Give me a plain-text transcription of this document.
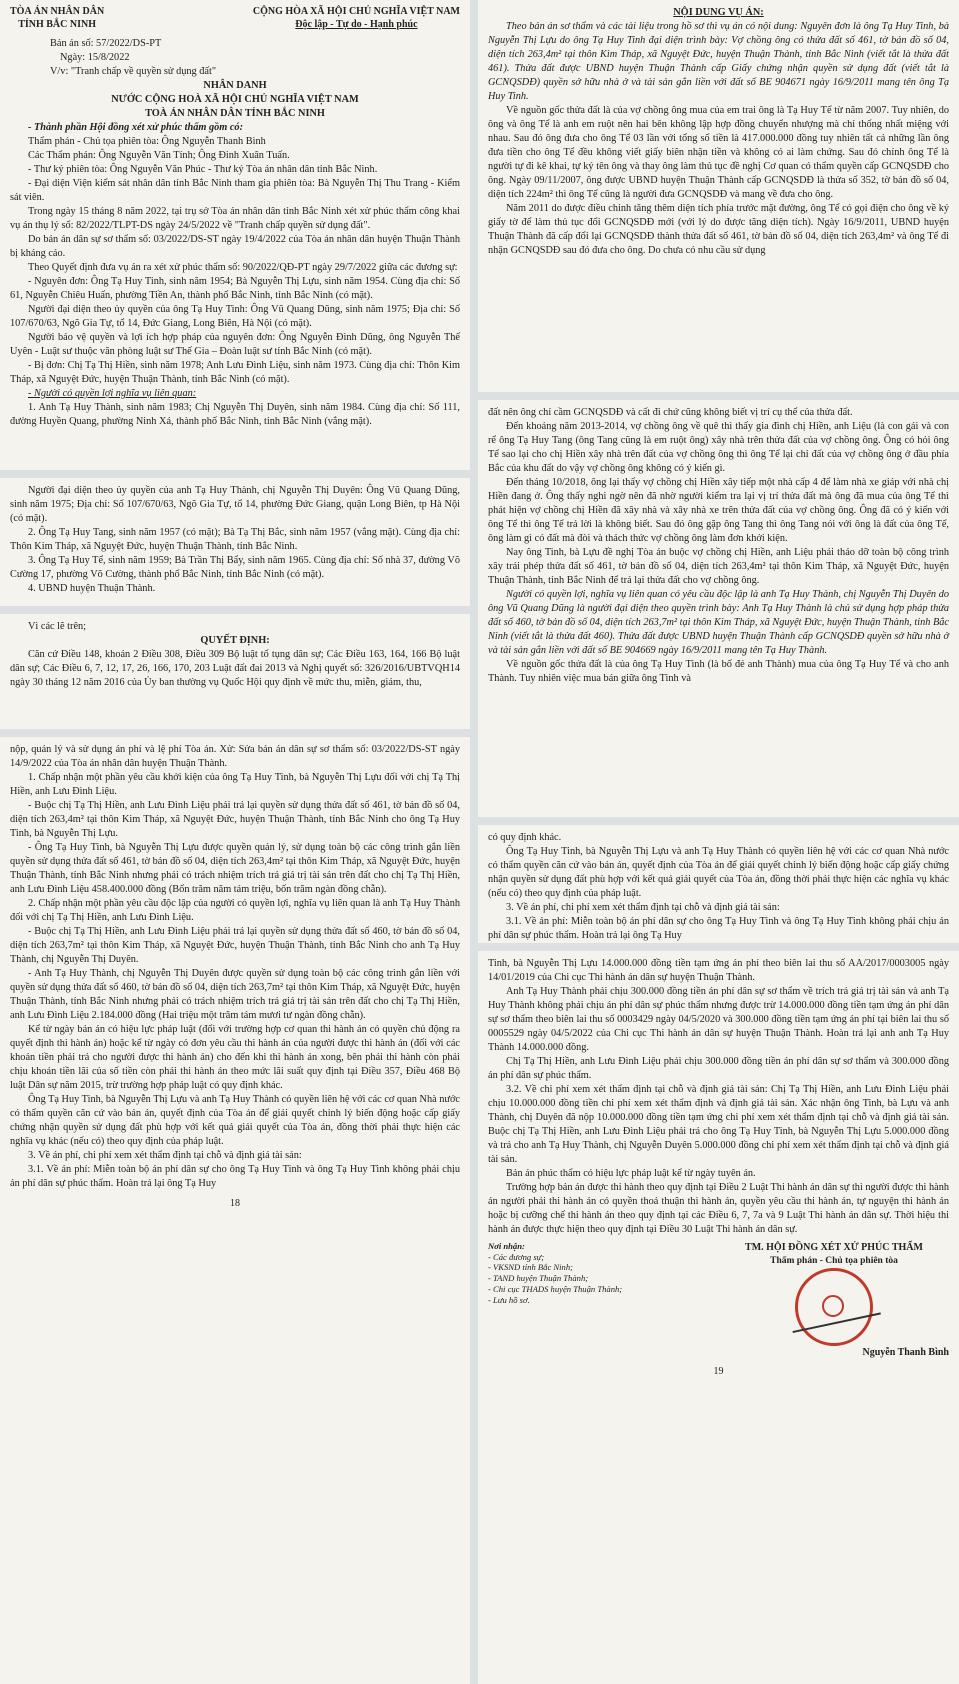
TÒA ÁN NHÂN DÂN
TỈNH BẮC NINH
CỘNG HÒA XÃ HỘI CHỦ NGHĨA VIỆT NAM
Độc lập - Tự do - Hạnh phúc

Bản án số: 57/2022/DS-PT

Ngày: 15/8/2022

V/v: "Tranh chấp về quyền sử dụng đất"

NHÂN DANH

NƯỚC CỘNG HOÀ XÃ HỘI CHỦ NGHĨA VIỆT NAM

TOÀ ÁN NHÂN DÂN TỈNH BẮC NINH

- Thành phần Hội đồng xét xử phúc thẩm gồm có:

Thẩm phán - Chủ tọa phiên tòa: Ông Nguyễn Thanh Bình

Các Thẩm phán: Ông Nguyễn Văn Tính; Ông Đinh Xuân Tuấn.

- Thư ký phiên tòa: Ông Nguyễn Văn Phúc - Thư ký Tòa án nhân dân tỉnh Bắc Ninh.

- Đại diện Viện kiểm sát nhân dân tỉnh Bắc Ninh tham gia phiên tòa: Bà Nguyễn Thị Thu Trang - Kiểm sát viên.

Trong ngày 15 tháng 8 năm 2022, tại trụ sở Tòa án nhân dân tỉnh Bắc Ninh xét xử phúc thẩm công khai vụ án thụ lý số: 82/2022/TLPT-DS ngày 24/5/2022 về "Tranh chấp quyền sử dụng đất".

Do bản án dân sự sơ thẩm số: 03/2022/DS-ST ngày 19/4/2022 của Tòa án nhân dân huyện Thuận Thành bị kháng cáo.

Theo Quyết định đưa vụ án ra xét xử phúc thẩm số: 90/2022/QĐ-PT ngày 29/7/2022 giữa các đương sự:

- Nguyên đơn: Ông Tạ Huy Tinh, sinh năm 1954; Bà Nguyễn Thị Lựu, sinh năm 1954. Cùng địa chỉ: Số 61, Nguyễn Chiêu Huấn, phường Tiền An, thành phố Bắc Ninh, tỉnh Bắc Ninh (có mặt).

Người đại diện theo ủy quyền của ông Tạ Huy Tinh: Ông Vũ Quang Dũng, sinh năm 1975; Địa chỉ: Số 107/670/63, Ngõ Gia Tự, tổ 14, Đức Giang, Long Biên, Hà Nội (có mặt).

Người bảo vệ quyền và lợi ích hợp pháp của nguyên đơn: Ông Nguyễn Đình Dũng, ông Nguyễn Thế Uyên - Luật sư thuộc văn phòng luật sư Thế Gia – Đoàn luật sư tỉnh Bắc Ninh (có mặt).

- Bị đơn: Chị Tạ Thị Hiền, sinh năm 1978; Anh Lưu Đình Liệu, sinh năm 1973. Cùng địa chỉ: Thôn Kim Tháp, xã Nguyệt Đức, huyện Thuận Thành, tỉnh Bắc Ninh (có mặt).

- Người có quyền lợi nghĩa vụ liên quan:

1. Anh Tạ Huy Thành, sinh năm 1983; Chị Nguyễn Thị Duyên, sinh năm 1984. Cùng địa chỉ: Số 111, đường Huyền Quang, phường Ninh Xá, thành phố Bắc Ninh, tỉnh Bắc Ninh (vắng mặt).

Người đại diện theo ủy quyền của anh Tạ Huy Thành, chị Nguyễn Thị Duyên: Ông Vũ Quang Dũng, sinh năm 1975; Địa chỉ: Số 107/670/63, Ngõ Gia Tự, tổ 14, phường Đức Giang, quận Long Biên, tp Hà Nội (có mặt).

2. Ông Tạ Huy Tang, sinh năm 1957 (có mặt); Bà Tạ Thị Bắc, sinh năm 1957 (vắng mặt). Cùng địa chỉ: Thôn Kim Tháp, xã Nguyệt Đức, huyện Thuận Thành, tỉnh Bắc Ninh.

3. Ông Tạ Huy Tể, sinh năm 1959; Bà Trần Thị Bẩy, sinh năm 1965. Cùng địa chỉ: Số nhà 37, đường Võ Cường 17, phường Võ Cường, thành phố Bắc Ninh, tỉnh Bắc Ninh (có mặt).

4. UBND huyện Thuận Thành.

Vì các lẽ trên;

QUYẾT ĐỊNH:

Căn cứ Điều 148, khoản 2 Điều 308, Điều 309 Bộ luật tố tụng dân sự; Các Điều 163, 164, 166 Bộ luật dân sự; Các Điều 6, 7, 12, 17, 26, 166, 170, 203 Luật đất đai 2013 và Nghị quyết số: 326/2016/UBTVQH14 ngày 30 tháng 12 năm 2016 của Ủy ban thường vụ Quốc Hội quy định về mức thu, miễn, giảm, thu,

nộp, quản lý và sử dụng án phí và lệ phí Tòa án. Xử: Sửa bản án dân sự sơ thẩm số: 03/2022/DS-ST ngày 14/9/2022 của Tòa án nhân dân huyện Thuận Thành.

1. Chấp nhận một phần yêu cầu khởi kiện của ông Tạ Huy Tinh, bà Nguyễn Thị Lựu đối với chị Tạ Thị Hiền, anh Lưu Đình Liệu.

- Buộc chị Tạ Thị Hiền, anh Lưu Đình Liệu phải trả lại quyền sử dụng thửa đất số 461, tờ bản đồ số 04, diện tích 263,4m² tại thôn Kim Tháp, xã Nguyệt Đức, huyện Thuận Thành, tỉnh Bắc Ninh cho ông Tạ Huy Tinh, bà Nguyễn Thị Lựu.

- Ông Tạ Huy Tinh, bà Nguyễn Thị Lựu được quyền quản lý, sử dụng toàn bộ các công trình gắn liền quyền sử dụng thửa đất số 461, tờ bản đồ số 04, diện tích 263,4m² tại thôn Kim Tháp, xã Nguyệt Đức, huyện Thuận Thành, tỉnh Bắc Ninh nhưng phải có trách nhiệm trích trả giá trị tài sản trên đất cho chị Tạ Thị Hiền, anh Lưu Đình Liệu 458.400.000 đồng (Bốn trăm năm tám triệu, bốn trăm ngàn đồng chẵn).

2. Chấp nhận một phần yêu cầu độc lập của người có quyền lợi, nghĩa vụ liên quan là anh Tạ Huy Thành đối với chị Tạ Thị Hiền, anh Lưu Đình Liệu.

- Buộc chị Tạ Thị Hiền, anh Lưu Đình Liệu phải trả lại quyền sử dụng thửa đất số 460, tờ bản đồ số 04, diện tích 263,7m² tại thôn Kim Tháp, xã Nguyệt Đức, huyện Thuận Thành, tỉnh Bắc Ninh cho anh Tạ Huy Thành, chị Nguyễn Thị Duyên.

- Anh Tạ Huy Thành, chị Nguyễn Thị Duyên được quyền sử dụng toàn bộ các công trình gắn liền với quyền sử dụng thửa đất số 460, tờ bản đồ số 04, diện tích 263,7m² tại thôn Kim Tháp, xã Nguyệt Đức, huyện Thuận Thành, tỉnh Bắc Ninh nhưng phải có trách nhiệm trích trả giá trị tài sản trên đất cho chị Tạ Thị Hiền, anh Lưu Đình Liệu 2.184.000 đồng (Hai triệu một trăm tám mươi tư ngàn đồng chẵn).

Kể từ ngày bản án có hiệu lực pháp luật (đối với trường hợp cơ quan thi hành án có quyền chủ động ra quyết định thi hành án) hoặc kể từ ngày có đơn yêu cầu thi hành án của người được thi hành án (đối với các khoản tiền phải trả cho người được thi hành án) cho đến khi thi hành án xong, bên phải thi hành còn phải chịu khoản tiền lãi của số tiền còn phải thi hành án theo mức lãi suất quy định tại Điều 357, Điều 468 Bộ luật Dân sự năm 2015, trừ trường hợp pháp luật có quy định khác.

Ông Tạ Huy Tinh, bà Nguyễn Thị Lựu và anh Tạ Huy Thành có quyền liên hệ với các cơ quan Nhà nước có thẩm quyền căn cứ vào bản án, quyết định của Tòa án để giải quyết chỉnh lý biến động hoặc cấp giấy chứng nhận quyền sử dụng đất phù hợp với kết quả giải quyết của Tòa án, đồng thời phải thực hiện các nghĩa vụ khác (nếu có) theo quy định của pháp luật.

3. Về án phí, chi phí xem xét thẩm định tại chỗ và định giá tài sản:

3.1. Về án phí: Miễn toàn bộ án phí dân sự cho ông Tạ Huy Tinh và ông Tạ Huy Tinh không phải chịu án phí dân sự phúc thẩm. Hoàn trả lại ông Tạ Huy

18

NỘI DUNG VỤ ÁN:

Theo bản án sơ thẩm và các tài liệu trong hồ sơ thì vụ án có nội dung: Nguyên đơn là ông Tạ Huy Tinh, bà Nguyễn Thị Lựu do ông Tạ Huy Tinh đại diện trình bày: Vợ chồng ông có thửa đất số 461, tờ bản đồ số 04, diện tích 263,4m² tại thôn Kim Tháp, xã Nguyệt Đức, huyện Thuận Thành, tỉnh Bắc Ninh (viết tắt là thửa đất 461). Thửa đất được UBND huyện Thuận Thành cấp Giấy chứng nhận quyền sử dụng đất (viết tắt là GCNQSDĐ) quyền sở hữu nhà ở và tài sản gắn liền với đất số BE 904671 ngày 16/9/2011 mang tên ông Tạ Huy Tinh.

Về nguồn gốc thửa đất là của vợ chồng ông mua của em trai ông là Tạ Huy Tể từ năm 2007. Tuy nhiên, do ông và ông Tể là anh em ruột nên hai bên không lập hợp đồng chuyển nhượng mà chỉ thống nhất miệng với nhau. Sau đó ông đưa cho ông Tể 03 lần với tổng số tiền là 417.000.000 đồng tuy nhiên tất cả những lần ông đưa tiền cho ông Tể đều không viết giấy biên nhận tiền và không có ai làm chứng. Sau đó chính ông Tể là người tự đi kê khai, tự ký tên ông và thay ông làm thủ tục đề nghị Cơ quan có thẩm quyền cấp GCNQSDĐ cho ông. Ngày 09/11/2007, ông được UBND huyện Thuận Thành cấp GCNQSDĐ là thửa số 352, tờ bản đồ số 04, diện tích 224m² thì ông Tể cũng là người đưa GCNQSDĐ và mang về đưa cho ông.

Năm 2011 do được điều chỉnh tăng thêm diện tích phía trước mặt đường, ông Tể có gọi điện cho ông về ký giấy tờ để làm thủ tục đổi GCNQSDĐ mới (với lý do được tăng diện tích). Ngày 16/9/2011, UBND huyện Thuận Thành đã cấp đổi lại GCNQSDĐ thành thửa đất số 461, tờ bản đồ số 04, diện tích 263,4m² và ông Tể đi nhận GCNQSDĐ sau đó đưa cho ông. Do chưa có nhu cầu sử dụng

đất nên ông chỉ cầm GCNQSDĐ và cất đi chứ cũng không biết vị trí cụ thể của thửa đất.

Đến khoảng năm 2013-2014, vợ chồng ông về quê thì thấy gia đình chị Hiền, anh Liệu (là con gái và con rể ông Tạ Huy Tang (ông Tang cũng là em ruột ông) xây nhà trên thửa đất của vợ chồng ông. Ông có hỏi ông Tể sao lại cho chị Hiền xây nhà trên đất của vợ chồng ông thì ông Tể lại chỉ đất của vợ chồng ông ở đầu phía Bắc của khu đất do vậy vợ chồng ông không có ý kiến gì.

Đến tháng 10/2018, ông lại thấy vợ chồng chị Hiền xây tiếp một nhà cấp 4 để làm nhà xe giáp với nhà chị Hiền đang ở. Ông thấy nghi ngờ nên đã nhờ người kiểm tra lại vị trí thửa đất mà ông đã mua của ông Tể thì phát hiện vợ chồng chị Hiền đã xây nhà và xây nhà xe trên thửa đất của vợ chồng ông. Ông đã có ý kiến với ông Tể thì ông Tể trả lời là không biết. Sau đó ông gặp ông Tang thì ông Tang nói với ông là đất của ông Tể, ông làm gì có đất mà đòi và thách thức vợ chồng ông làm đơn khởi kiện.

Nay ông Tinh, bà Lựu đề nghị Tòa án buộc vợ chồng chị Hiền, anh Liệu phải tháo dỡ toàn bộ công trình xây trái phép thửa đất số 461, tờ bản đồ số 04, diện tích 263,4m² tại thôn Kim Tháp, xã Nguyệt Đức, huyện Thuận Thành, tỉnh Bắc Ninh để trả lại thửa đất cho vợ chồng ông.

Người có quyền lợi, nghĩa vụ liên quan có yêu cầu độc lập là anh Tạ Huy Thành, chị Nguyễn Thị Duyên do ông Vũ Quang Dũng là người đại diện theo quyền trình bày: Anh Tạ Huy Thành là chủ sử dụng hợp pháp thửa đất số 460, tờ bản đồ số 04, diện tích 263,7m² tại thôn Kim Tháp, xã Nguyệt Đức, huyện Thuận Thành, tỉnh Bắc Ninh (viết tắt là thửa đất 460). Thửa đất được UBND huyện Thuận Thành cấp GCNQSDĐ quyền sở hữu nhà ở và tài sản gắn liền với đất số BE 904669 ngày 16/9/2011 mang tên Tạ Huy Thành.

Về nguồn gốc thửa đất là của ông Tạ Huy Tinh (là bố đẻ anh Thành) mua của ông Tạ Huy Tể và cho anh Thành. Tuy nhiên việc mua bán giữa ông Tinh và

có quy định khác.

Ông Tạ Huy Tinh, bà Nguyễn Thị Lựu và anh Tạ Huy Thành có quyền liên hệ với các cơ quan Nhà nước có thẩm quyền căn cứ vào bản án, quyết định của Tòa án để giải quyết chỉnh lý biến động hoặc cấp giấy chứng nhận quyền sử dụng đất phù hợp với kết quả giải quyết của Tòa án, đồng thời phải thực hiện các nghĩa vụ khác (nếu có) theo quy định của pháp luật.

3. Về án phí, chi phí xem xét thẩm định tại chỗ và định giá tài sản:

3.1. Về án phí: Miễn toàn bộ án phí dân sự cho ông Tạ Huy Tinh và ông Tạ Huy Tinh không phải chịu án phí dân sự phúc thẩm. Hoàn trả lại ông Tạ Huy

Tinh, bà Nguyễn Thị Lựu 14.000.000 đồng tiền tạm ứng án phí theo biên lai thu số AA/2017/0003005 ngày 14/01/2019 của Chi cục Thi hành án dân sự huyện Thuận Thành.

Anh Tạ Huy Thành phải chịu 300.000 đồng tiền án phí dân sự sơ thẩm về trích trả giá trị tài sản và anh Tạ Huy Thành không phải chịu án phí dân sự phúc thẩm nhưng được trừ 14.000.000 đồng tiền tạm ứng án phí dân sự sơ thẩm theo biên lai thu số 0003429 ngày 04/5/2020 và 300.000 đồng tiền tạm ứng án phí tại biên lai thu số 0005529 ngày 04/5/2022 của Chi cục Thi hành án dân sự huyện Thuận Thành. Hoàn trả lại anh anh Tạ Huy Thành 14.000.000 đồng.

Chị Tạ Thị Hiền, anh Lưu Đình Liệu phải chịu 300.000 đồng tiền án phí dân sự sơ thẩm và 300.000 đồng án phí dân sự phúc thẩm.

3.2. Về chi phí xem xét thẩm định tại chỗ và định giá tài sản: Chị Tạ Thị Hiền, anh Lưu Đình Liệu phải chịu 10.000.000 đồng tiền chi phí xem xét thẩm định và định giá tài sản. Xác nhận ông Tinh, bà Lựu và anh Thành, chị Duyên đã nộp 10.000.000 đồng tiền tạm ứng chi phí xem xét thẩm định tại chỗ và định giá tài sản. Buộc chị Tạ Thị Hiền, anh Lưu Đình Liệu phải trả cho ông Tạ Huy Tinh, bà Nguyễn Thị Lựu 5.000.000 đồng và trả cho anh Tạ Huy Thành, chị Nguyễn Duyên 5.000.000 đồng chi phí xem xét thẩm định tại chỗ và định giá tài sản.

Bản án phúc thẩm có hiệu lực pháp luật kể từ ngày tuyên án.

Trường hợp bản án được thi hành theo quy định tại Điều 2 Luật Thi hành án dân sự thì người được thi hành án người phải thi hành án có quyền thoả thuận thi hành án, quyền yêu cầu thi hành án, tự nguyện thi hành án hoặc bị cưỡng chế thi hành án theo quy định tại các Điều 6, 7, 7a và 9 Luật Thi hành án dân sự. Thời hiệu thi hành án được thực hiện theo quy định tại Điều 30 Luật Thi hành án dân sự.

Nơi nhận:
- Các đương sự;
- VKSND tỉnh Bắc Ninh;
- TAND huyện Thuận Thành;
- Chi cục THADS huyện Thuận Thành;
- Lưu hồ sơ.
TM. HỘI ĐỒNG XÉT XỬ PHÚC THẨM
Thẩm phán - Chủ tọa phiên tòa
Nguyễn Thanh Bình
19
